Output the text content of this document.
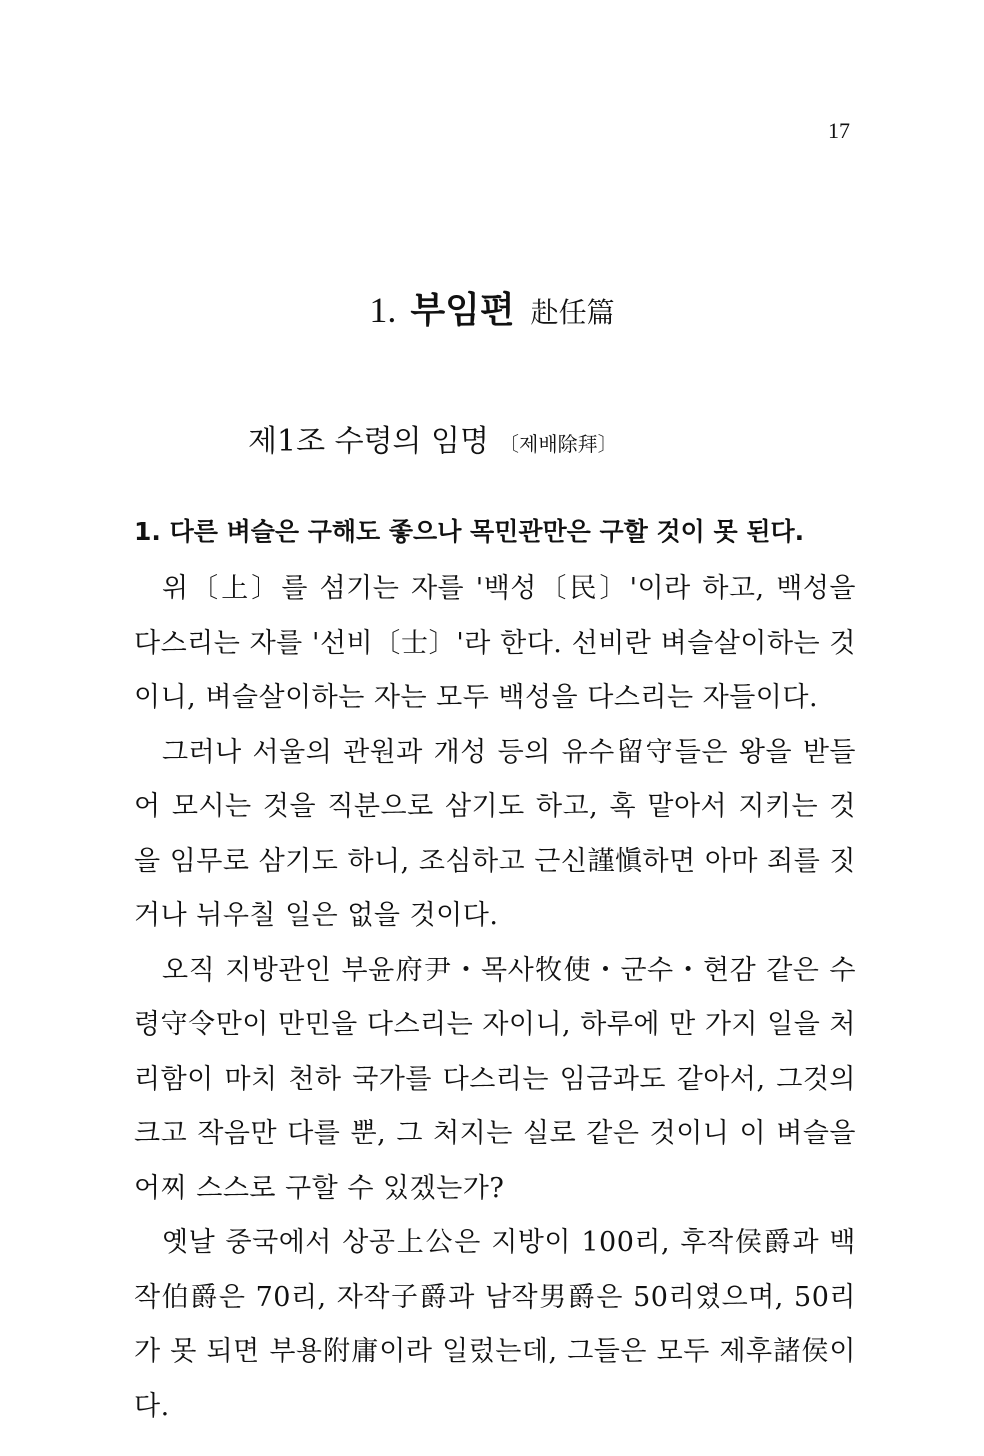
17
1. 부임편 赴任篇
제1조 수령의 임명 〔제배除拜〕
1. 다른 벼슬은 구해도 좋으나 목민관만은 구할 것이 못 된다.

위〔上〕를 섬기는 자를 '백성〔民〕'이라 하고, 백성을 다스리는 자를 '선비〔士〕'라 한다. 선비란 벼슬살이하는 것이니, 벼슬살이하는 자는 모두 백성을 다스리는 자들이다.

그러나 서울의 관원과 개성 등의 유수留守들은 왕을 받들어 모시는 것을 직분으로 삼기도 하고, 혹 맡아서 지키는 것을 임무로 삼기도 하니, 조심하고 근신謹愼하면 아마 죄를 짓거나 뉘우칠 일은 없을 것이다.

오직 지방관인 부윤府尹・목사牧使・군수・현감 같은 수령守令만이 만민을 다스리는 자이니, 하루에 만 가지 일을 처리함이 마치 천하 국가를 다스리는 임금과도 같아서, 그것의 크고 작음만 다를 뿐, 그 처지는 실로 같은 것이니 이 벼슬을 어찌 스스로 구할 수 있겠는가?

옛날 중국에서 상공上公은 지방이 100리, 후작侯爵과 백작伯爵은 70리, 자작子爵과 남작男爵은 50리였으며, 50리가 못 되면 부용附庸이라 일렀는데, 그들은 모두 제후諸侯이다.
